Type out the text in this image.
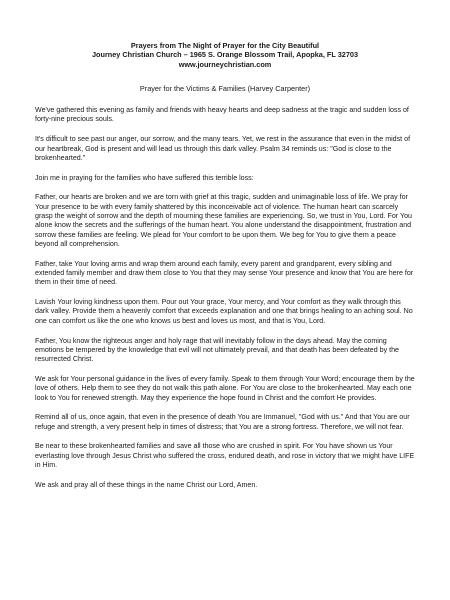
Prayers from The Night of Prayer for the City Beautiful
Journey Christian Church – 1965 S. Orange Blossom Trail, Apopka, FL 32703
www.journeychristian.com
Prayer for the Victims & Families (Harvey Carpenter)

We've gathered this evening as family and friends with heavy hearts and deep sadness at the tragic and sudden loss of forty-nine precious souls.

It's difficult to see past our anger, our sorrow, and the many tears. Yet, we rest in the assurance that even in the midst of our heartbreak, God is present and will lead us through this dark valley. Psalm 34 reminds us: "God is close to the brokenhearted."

Join me in praying for the families who have suffered this terrible loss:

Father, our hearts are broken and we are torn with grief at this tragic, sudden and unimaginable loss of life. We pray for Your presence to be with every family shattered by this inconceivable act of violence. The human heart can scarcely grasp the weight of sorrow and the depth of mourning these families are experiencing. So, we trust in You, Lord. For You alone know the secrets and the sufferings of the human heart. You alone understand the disappointment, frustration and sorrow these families are feeling. We plead for Your comfort to be upon them. We beg for You to give them a peace beyond all comprehension.

Father, take Your loving arms and wrap them around each family, every parent and grandparent, every sibling and extended family member and draw them close to You that they may sense Your presence and know that You are here for them in their time of need.

Lavish Your loving kindness upon them. Pour out Your grace, Your mercy, and Your comfort as they walk through this dark valley. Provide them a heavenly comfort that exceeds explanation and one that brings healing to an aching soul. No one can comfort us like the one who knows us best and loves us most, and that is You, Lord.

Father, You know the righteous anger and holy rage that will inevitably follow in the days ahead. May the coming emotions be tempered by the knowledge that evil will not ultimately prevail, and that death has been defeated by the resurrected Christ.

We ask for Your personal guidance in the lives of every family. Speak to them through Your Word; encourage them by the love of others. Help them to see they do not walk this path alone. For You are close to the brokenhearted. May each one look to You for renewed strength. May they experience the hope found in Christ and the comfort He provides.

Remind all of us, once again, that even in the presence of death You are Immanuel, "God with us." And that You are our refuge and strength, a very present help in times of distress; that You are a strong fortress. Therefore, we will not fear.

Be near to these brokenhearted families and save all those who are crushed in spirit. For You have shown us Your everlasting love through Jesus Christ who suffered the cross, endured death, and rose in victory that we might have LIFE in Him.

We ask and pray all of these things in the name Christ our Lord, Amen.
